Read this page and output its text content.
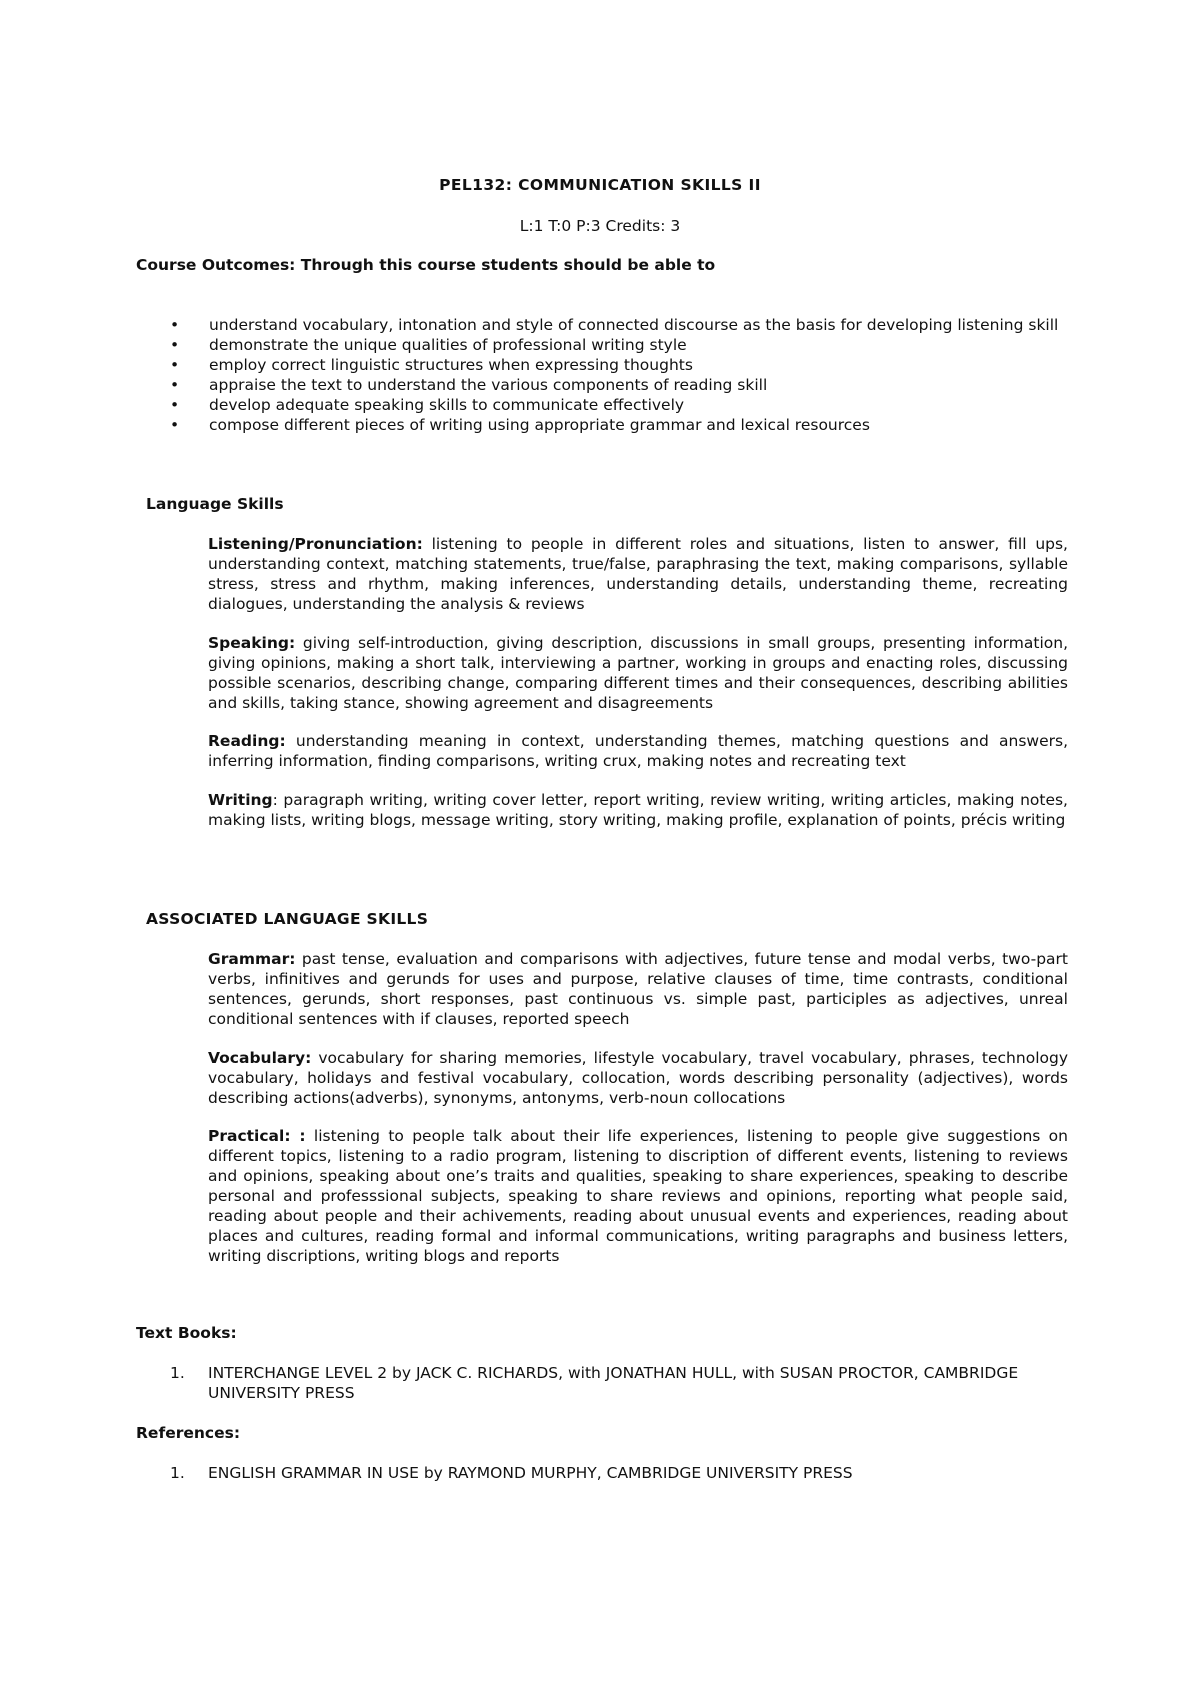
PEL132: COMMUNICATION SKILLS II
L:1 T:0 P:3 Credits: 3
Course Outcomes: Through this course students should be able to
•	understand vocabulary, intonation and style of connected discourse as the basis for developing listening skill
•	demonstrate the unique qualities of professional writing style
•	employ correct linguistic structures when expressing thoughts
•	appraise the text to understand the various components of reading skill
•	develop adequate speaking skills to communicate effectively
•	compose different pieces of writing using appropriate grammar and lexical resources
Language Skills
Listening/Pronunciation: listening to people in different roles and situations, listen to answer, fill ups, understanding context, matching statements, true/false, paraphrasing the text, making comparisons, syllable stress, stress and rhythm, making inferences, understanding details, understanding theme, recreating dialogues, understanding the analysis & reviews
Speaking: giving self-introduction, giving description, discussions in small groups, presenting information, giving opinions, making a short talk, interviewing a partner, working in groups and enacting roles, discussing possible scenarios, describing change, comparing different times and their consequences, describing abilities and skills, taking stance, showing agreement and disagreements
Reading: understanding meaning in context, understanding themes, matching questions and answers, inferring information, finding comparisons, writing crux, making notes and recreating text
Writing: paragraph writing, writing cover letter, report writing, review writing, writing articles, making notes, making lists, writing blogs, message writing, story writing, making profile, explanation of points, précis writing
ASSOCIATED LANGUAGE SKILLS
Grammar: past tense, evaluation and comparisons with adjectives, future tense and modal verbs, two-part verbs, infinitives and gerunds for uses and purpose, relative clauses of time, time contrasts, conditional sentences, gerunds, short responses, past continuous vs. simple past, participles as adjectives, unreal conditional sentences with if clauses, reported speech
Vocabulary: vocabulary for sharing memories, lifestyle vocabulary, travel vocabulary, phrases, technology vocabulary, holidays and festival vocabulary, collocation, words describing personality (adjectives), words describing actions(adverbs), synonyms, antonyms, verb-noun collocations
Practical: : listening to people talk about their life experiences, listening to people give suggestions on different topics, listening to a radio program, listening to discription of different events, listening to reviews and opinions, speaking about one’s traits and qualities, speaking to share experiences, speaking to describe personal and professsional subjects, speaking to share reviews and opinions, reporting what people said, reading about people and their achivements, reading about unusual events and experiences, reading about places and cultures, reading formal and informal communications, writing paragraphs and business letters, writing discriptions, writing blogs and reports
Text Books:
1. INTERCHANGE LEVEL 2 by JACK C. RICHARDS, with JONATHAN HULL, with SUSAN PROCTOR, CAMBRIDGE UNIVERSITY PRESS
References:
1. ENGLISH GRAMMAR IN USE by RAYMOND MURPHY, CAMBRIDGE UNIVERSITY PRESS
